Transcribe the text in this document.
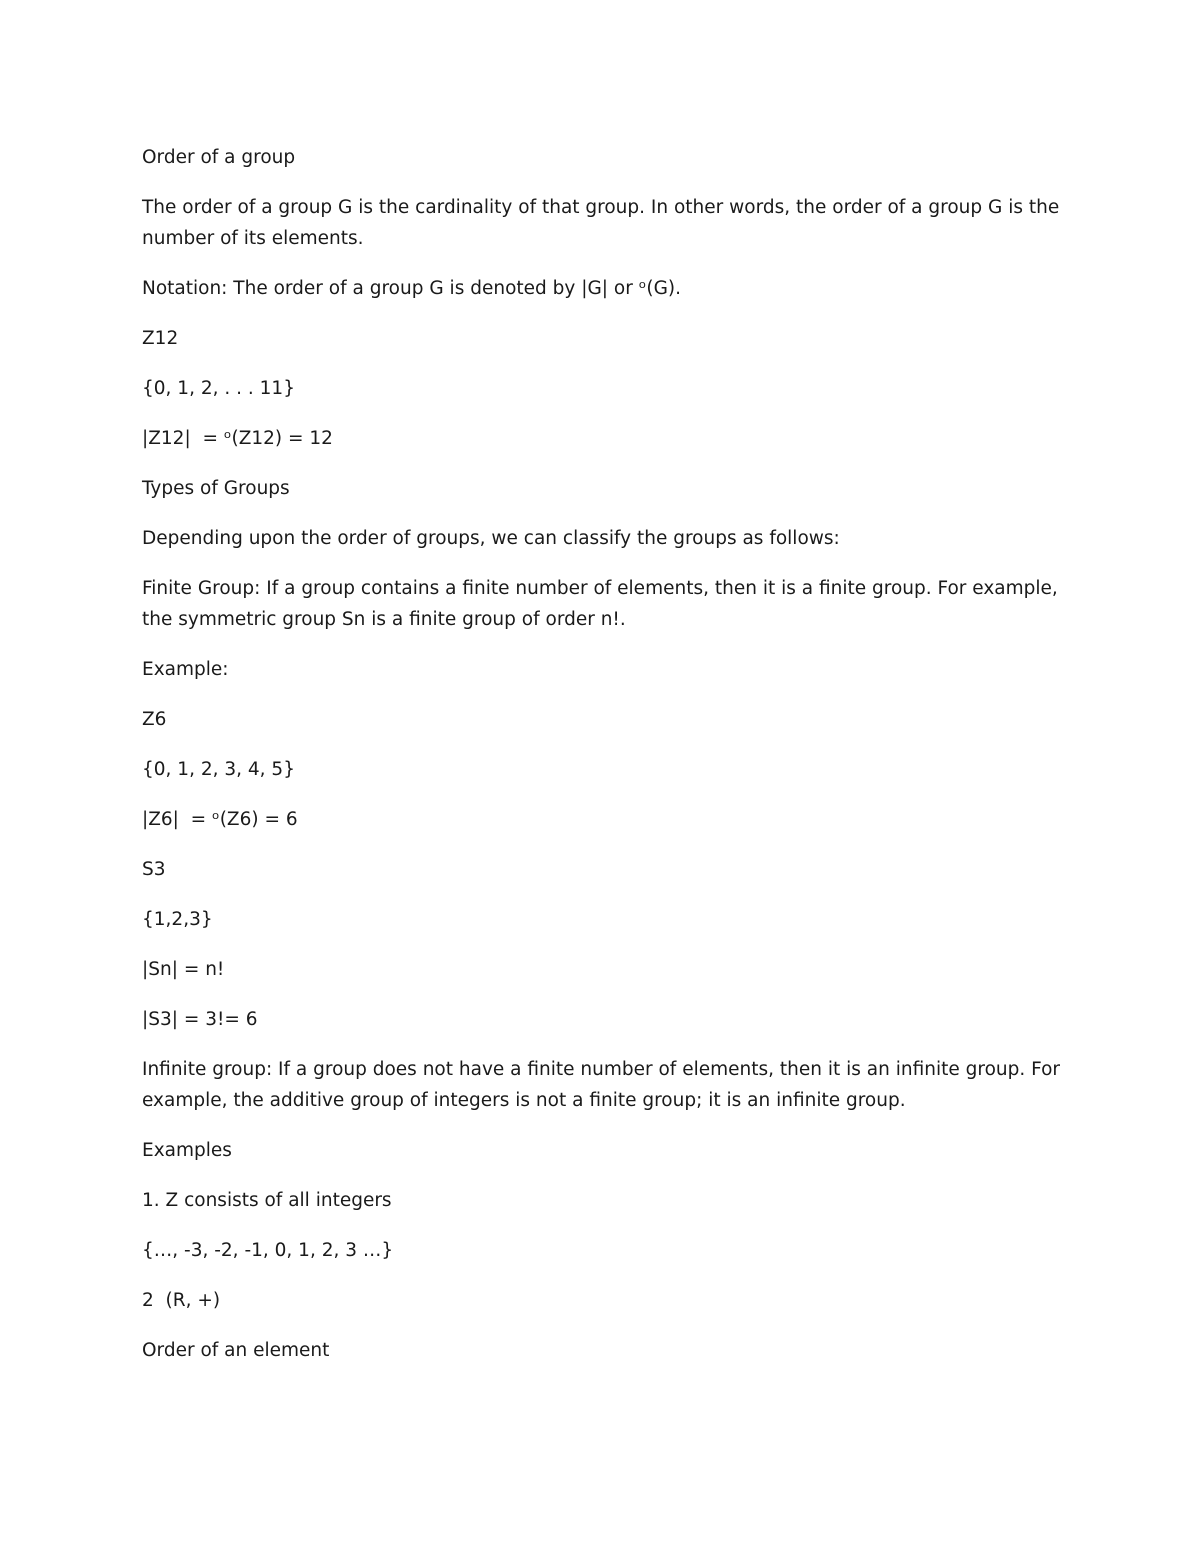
Order of a group

The order of a group G is the cardinality of that group. In other words, the order of a group G is the number of its elements.

Notation: The order of a group G is denoted by |G| or ᵒ(G).

Z12

{0, 1, 2, . . . 11}

|Z12|  = ᵒ(Z12) = 12

Types of Groups

Depending upon the order of groups, we can classify the groups as follows:

Finite Group: If a group contains a finite number of elements, then it is a finite group. For example, the symmetric group Sn is a finite group of order n!.

Example:

Z6

{0, 1, 2, 3, 4, 5}

|Z6|  = ᵒ(Z6) = 6

S3

{1,2,3}

|Sn| = n!

|S3| = 3!= 6

Infinite group: If a group does not have a finite number of elements, then it is an infinite group. For example, the additive group of integers is not a finite group; it is an infinite group.

Examples

1. Z consists of all integers

{…, -3, -2, -1, 0, 1, 2, 3 …}

2  (R, +)

Order of an element
